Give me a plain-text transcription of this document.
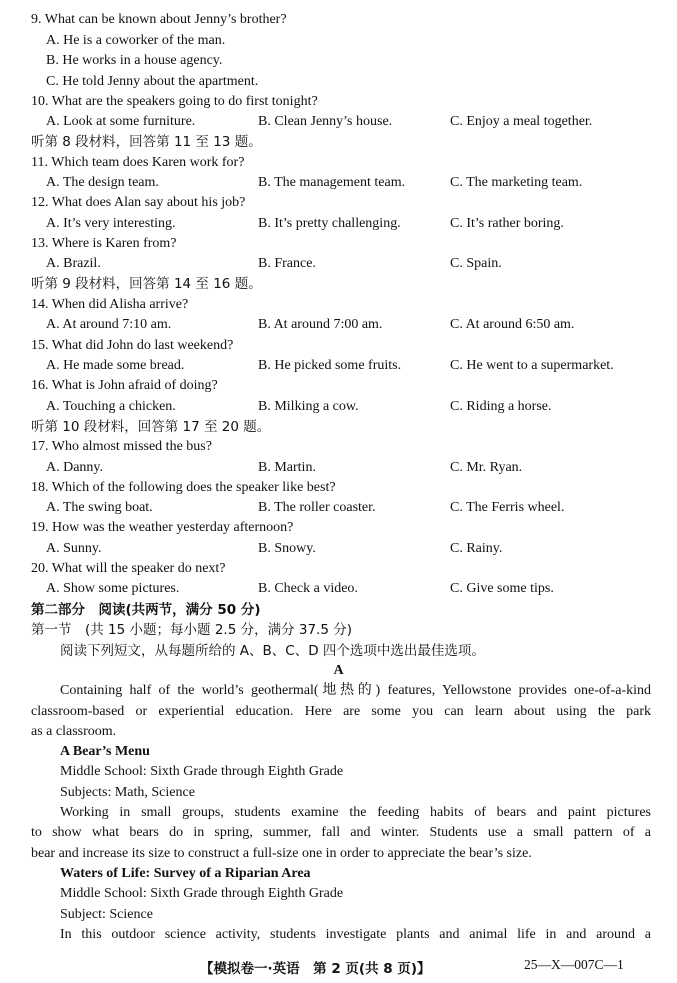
9. What can be known about Jenny’s brother?
A. He is a coworker of the man.
B. He works in a house agency.
C. He told Jenny about the apartment.
10. What are the speakers going to do first tonight?
A. Look at some furniture.	B. Clean Jenny’s house.	C. Enjoy a meal together.
听第 8 段材料，回答第 11 至 13 题。
11. Which team does Karen work for?
A. The design team.	B. The management team.	C. The marketing team.
12. What does Alan say about his job?
A. It’s very interesting.	B. It’s pretty challenging.	C. It’s rather boring.
13. Where is Karen from?
A. Brazil.	B. France.	C. Spain.
听第 9 段材料，回答第 14 至 16 题。
14. When did Alisha arrive?
A. At around 7:10 am.	B. At around 7:00 am.	C. At around 6:50 am.
15. What did John do last weekend?
A. He made some bread.	B. He picked some fruits.	C. He went to a supermarket.
16. What is John afraid of doing?
A. Touching a chicken.	B. Milking a cow.	C. Riding a horse.
听第 10 段材料，回答第 17 至 20 题。
17. Who almost missed the bus?
A. Danny.	B. Martin.	C. Mr. Ryan.
18. Which of the following does the speaker like best?
A. The swing boat.	B. The roller coaster.	C. The Ferris wheel.
19. How was the weather yesterday afternoon?
A. Sunny.	B. Snowy.	C. Rainy.
20. What will the speaker do next?
A. Show some pictures.	B. Check a video.	C. Give some tips.
第二部分　阅读(共两节，满分 50 分)
第一节　(共 15 小题；每小题 2.5 分，满分 37.5 分)
阅读下列短文，从每题所给的 A、B、C、D 四个选项中选出最佳选项。
A
Containing half of the world’s geothermal(地热的) features, Yellowstone provides one-of-a-kind
classroom-based or experiential education. Here are some you can learn about using the park
as a classroom.
A Bear’s Menu
Middle School: Sixth Grade through Eighth Grade
Subjects: Math, Science
Working in small groups, students examine the feeding habits of bears and paint pictures
to show what bears do in spring, summer, fall and winter. Students use a small pattern of a
bear and increase its size to construct a full-size one in order to appreciate the bear’s size.
Waters of Life: Survey of a Riparian Area
Middle School: Sixth Grade through Eighth Grade
Subject: Science
In this outdoor science activity, students investigate plants and animal life in and around a
【模拟卷一·英语　第 2 页(共 8 页)】	25—X—007C—1
